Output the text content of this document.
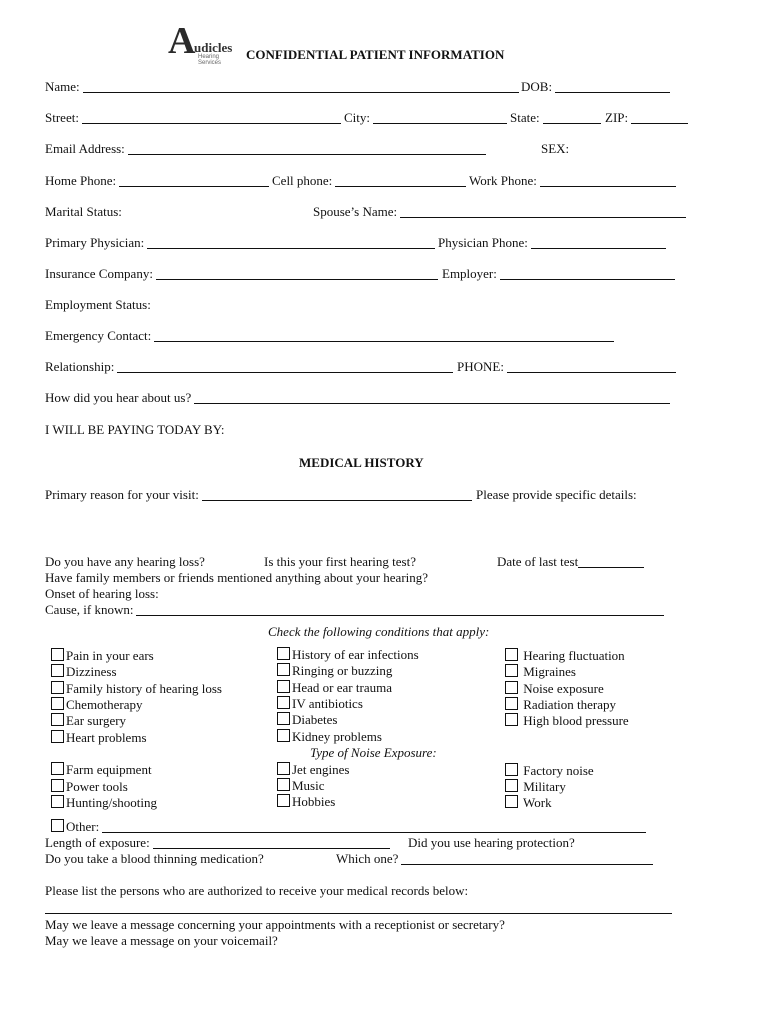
A
udicles
Hearing Services
CONFIDENTIAL PATIENT INFORMATION
Name:	DOB:
Street:	City:	State:	ZIP:
Email Address:	SEX:
Home Phone:	Cell phone:	Work Phone:
Marital Status:	Spouse’s Name:
Primary Physician:	Physician Phone:
Insurance Company:	Employer:
Employment Status:
Emergency Contact:
Relationship:	PHONE:
How did you hear about us?
I WILL BE PAYING TODAY BY:
MEDICAL HISTORY
Primary reason for your visit:	Please provide specific details:
Do you have any hearing loss?	Is this your first hearing test?	Date of last test
Have family members or friends mentioned anything about your hearing?
Onset of hearing loss:
Cause, if known:
Check the following conditions that apply:
Pain in your ears
Dizziness
Family history of hearing loss
Chemotherapy
Ear surgery
Heart problems
History of ear infections
Ringing or buzzing
Head or ear trauma
IV antibiotics
Diabetes
Kidney problems
Hearing fluctuation
Migraines
Noise exposure
Radiation therapy
High blood pressure
Type of Noise Exposure:
Farm equipment
Power tools
Hunting/shooting
Jet engines
Music
Hobbies
Factory noise
Military
Work
Other:
Length of exposure:	Did you use hearing protection?
Do you take a blood thinning medication?	Which one?
Please list the persons who are authorized to receive your medical records below:
May we leave a message concerning your appointments with a receptionist or secretary?
May we leave a message on your voicemail?
